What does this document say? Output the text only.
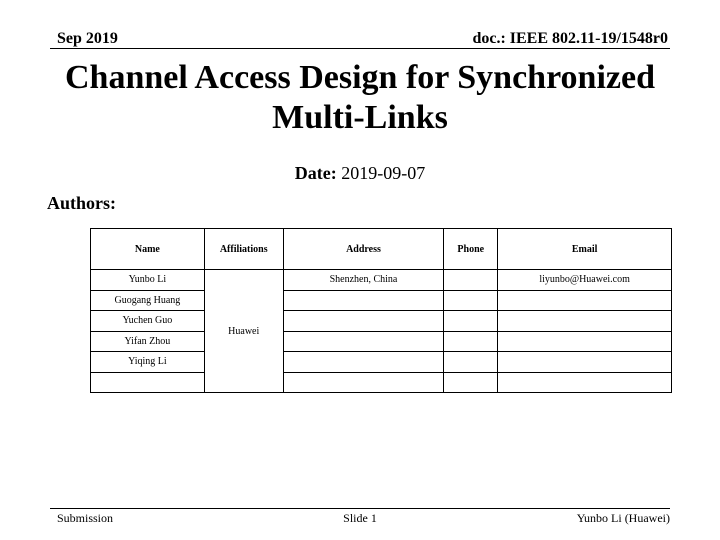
Sep 2019	doc.: IEEE 802.11-19/1548r0
Channel Access Design for Synchronized
Multi-Links
Date: 2019-09-07
Authors:
Name	Affiliations	Address	Phone	Email
Yunbo Li	Huawei	Shenzhen, China		liyunbo@Huawei.com
Guogang Huang				
Yuchen Guo				
Yifan Zhou				
Yiqing Li				

Submission	Slide 1	Yunbo Li (Huawei)
